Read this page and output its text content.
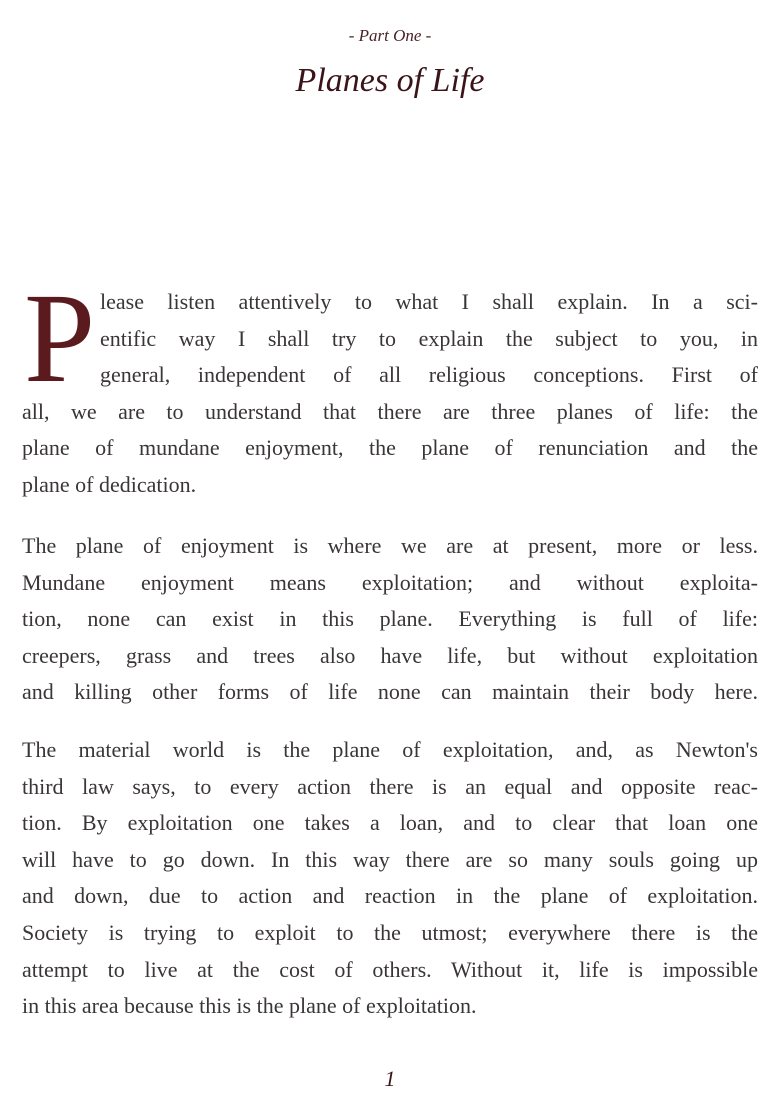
- Part One -
Planes of Life
P lease listen attentively to what I shall explain. In a sci-
entific way I shall try to explain the subject to you, in
general, independent of all religious conceptions. First of
all, we are to understand that there are three planes of life: the
plane of mundane enjoyment, the plane of renunciation and the
plane of dedication.
The plane of enjoyment is where we are at present, more or less.
Mundane enjoyment means exploitation; and without exploita-
tion, none can exist in this plane. Everything is full of life:
creepers, grass and trees also have life, but without exploitation
and killing other forms of life none can maintain their body here.
The material world is the plane of exploitation, and, as Newton's
third law says, to every action there is an equal and opposite reac-
tion. By exploitation one takes a loan, and to clear that loan one
will have to go down. In this way there are so many souls going up
and down, due to action and reaction in the plane of exploitation.
Society is trying to exploit to the utmost; everywhere there is the
attempt to live at the cost of others. Without it, life is impossible
in this area because this is the plane of exploitation.
1
